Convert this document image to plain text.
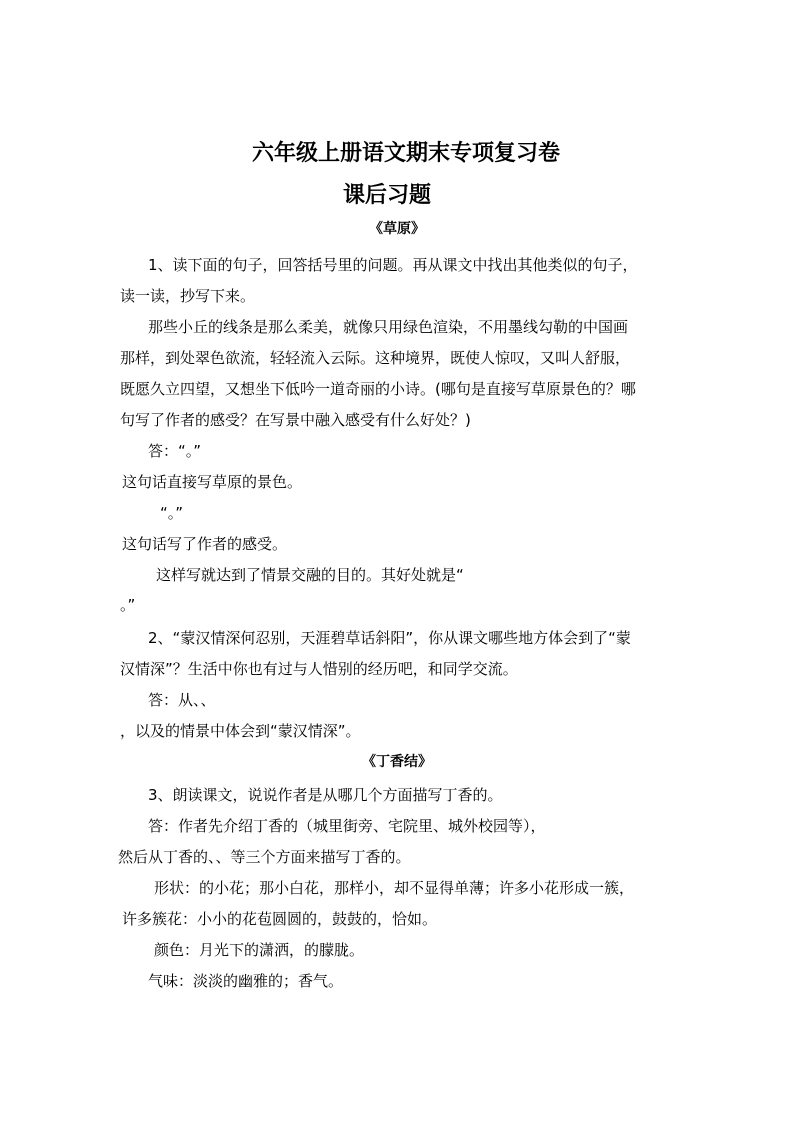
六年级上册语文期末专项复习卷
课后习题
《草原》
1、读下面的句子，回答括号里的问题。再从课文中找出其他类似的句子，
读一读，抄写下来。
那些小丘的线条是那么柔美，就像只用绿色渲染，不用墨线勾勒的中国画
那样，到处翠色欲流，轻轻流入云际。这种境界，既使人惊叹，又叫人舒服，
既愿久立四望，又想坐下低吟一道奇丽的小诗。(哪句是直接写草原景色的？哪
句写了作者的感受？在写景中融入感受有什么好处？)
答：“。”
这句话直接写草原的景色。
“。”
这句话写了作者的感受。
这样写就达到了情景交融的目的。其好处就是“
。”
2、“蒙汉情深何忍别，天涯碧草话斜阳”，你从课文哪些地方体会到了“蒙
汉情深”？生活中你也有过与人惜别的经历吧，和同学交流。
答：从、、
，以及的情景中体会到“蒙汉情深”。
《丁香结》
3、朗读课文，说说作者是从哪几个方面描写丁香的。
答：作者先介绍丁香的（城里街旁、宅院里、城外校园等），
然后从丁香的、、等三个方面来描写丁香的。
形状：的小花；那小白花，那样小，却不显得单薄；许多小花形成一簇，
许多簇花：小小的花苞圆圆的，鼓鼓的，恰如。
颜色：月光下的潇洒，的朦胧。
气味：淡淡的幽雅的；香气。
